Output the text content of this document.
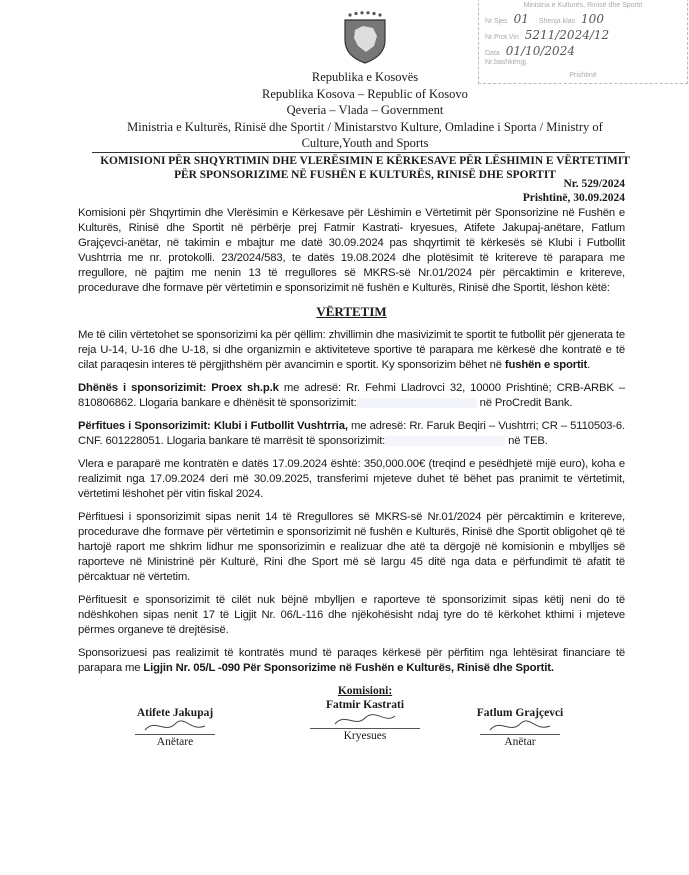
Ministria e Kulturës, Rinisë dhe Sportit
Nr.Sjes 01 Shenja klas 100
Nr.Prot.Vin 5211/2024/12
Data 01/10/2024
Nr.bashkëngj.
Prishtinë
Republika e Kosovës
Republika Kosova – Republic of Kosovo
Qeveria – Vlada – Government
Ministria e Kulturës, Rinisë dhe Sportit / Ministarstvo Kulture, Omladine i Sporta / Ministry of
Culture,Youth and Sports
KOMISIONI PËR SHQYRTIMIN DHE VLERËSIMIN E KËRKESAVE PËR LËSHIMIN E VËRTETIMIT
PËR SPONSORIZIME NË FUSHËN E KULTURËS, RINISË DHE SPORTIT
Nr. 529/2024
Prishtinë, 30.09.2024

Komisioni për Shqyrtimin dhe Vlerësimin e Kërkesave për Lëshimin e Vërtetimit për Sponsorizine në Fushën e Kulturës, Rinisë dhe Sportit në përbërje prej Fatmir Kastrati- kryesues, Atifete Jakupaj-anëtare, Fatlum Grajçevci-anëtar, në takimin e mbajtur me datë 30.09.2024 pas shqyrtimit të kërkesës së Klubi i Futbollit Vushtrria me nr. protokolli. 23/2024/583, te datës 19.08.2024 dhe plotësimit të kritereve të parapara me rregullore, në pajtim me nenin 13 të rregullores së MKRS-së Nr.01/2024 për përcaktimin e kritereve, procedurave dhe formave për vërtetimin e sponsorizimit në fushën e Kulturës, Rinisë dhe Sportit, lëshon këtë:

VËRTETIM

Me të cilin vërtetohet se sponsorizimi ka për qëllim: zhvillimin dhe masivizimit te sportit te futbollit për gjenerata te reja U-14, U-16 dhe U-18, si dhe organizmin e aktiviteteve sportive të parapara me kërkesë dhe kontratë e të cilat paraqesin interes të përgjithshëm për avancimin e sportit. Ky sponsorizim bëhet në fushën e sportit.

Dhënës i sponsorizimit: Proex sh.p.k me adresë: Rr. Fehmi Lladrovci 32, 10000 Prishtinë; CRB-ARBK – 810806862. Llogaria bankare e dhënësit të sponsorizimit:	në ProCredit Bank.

Përfitues i Sponsorizimit: Klubi i Futbollit Vushtrria, me adresë: Rr. Faruk Beqiri – Vushtrri; CR – 5110503-6. CNF. 601228051. Llogaria bankare të marrësit të sponsorizimit:	në TEB.

Vlera e paraparë me kontratën e datës 17.09.2024 është: 350,000.00€ (treqind e pesëdhjetë mijë euro), koha e realizimit nga 17.09.2024 deri më 30.09.2025, transferimi mjeteve duhet të bëhet pas pranimit te vërtetimit, vërtetimi lëshohet për vitin fiskal 2024.

Përfituesi i sponsorizimit sipas nenit 14 të Rregullores së MKRS-së Nr.01/2024 për përcaktimin e kritereve, procedurave dhe formave për vërtetimin e sponsorizimit në fushën e Kulturës, Rinisë dhe Sportit obligohet që të hartojë raport me shkrim lidhur me sponsorizimin e realizuar dhe atë ta dërgojë në komisionin e mbylljes së raporteve në Ministrinë për Kulturë, Rini dhe Sport më së largu 45 ditë nga data e përfundimit të afatit të përcaktuar në vërtetim.

Përfituesit e sponsorizimit të cilët nuk bëjnë mbylljen e raporteve të sponsorizimit sipas këtij neni do të ndëshkohen sipas nenit 17 të Ligjit Nr. 06/L-116 dhe njëkohësisht ndaj tyre do të kërkohet kthimi i mjeteve përmes organeve të drejtësisë.

Sponsorizuesi pas realizimit të kontratës mund të paraqes kërkesë për përfitim nga lehtësirat financiare të parapara me Ligjin Nr. 05/L -090 Për Sponsorizime në Fushën e Kulturës, Rinisë dhe Sportit.

Komisioni:
Fatmir Kastrati
Kryesues
Atifete Jakupaj
Anëtare
Fatlum Grajçevci
Anëtar
